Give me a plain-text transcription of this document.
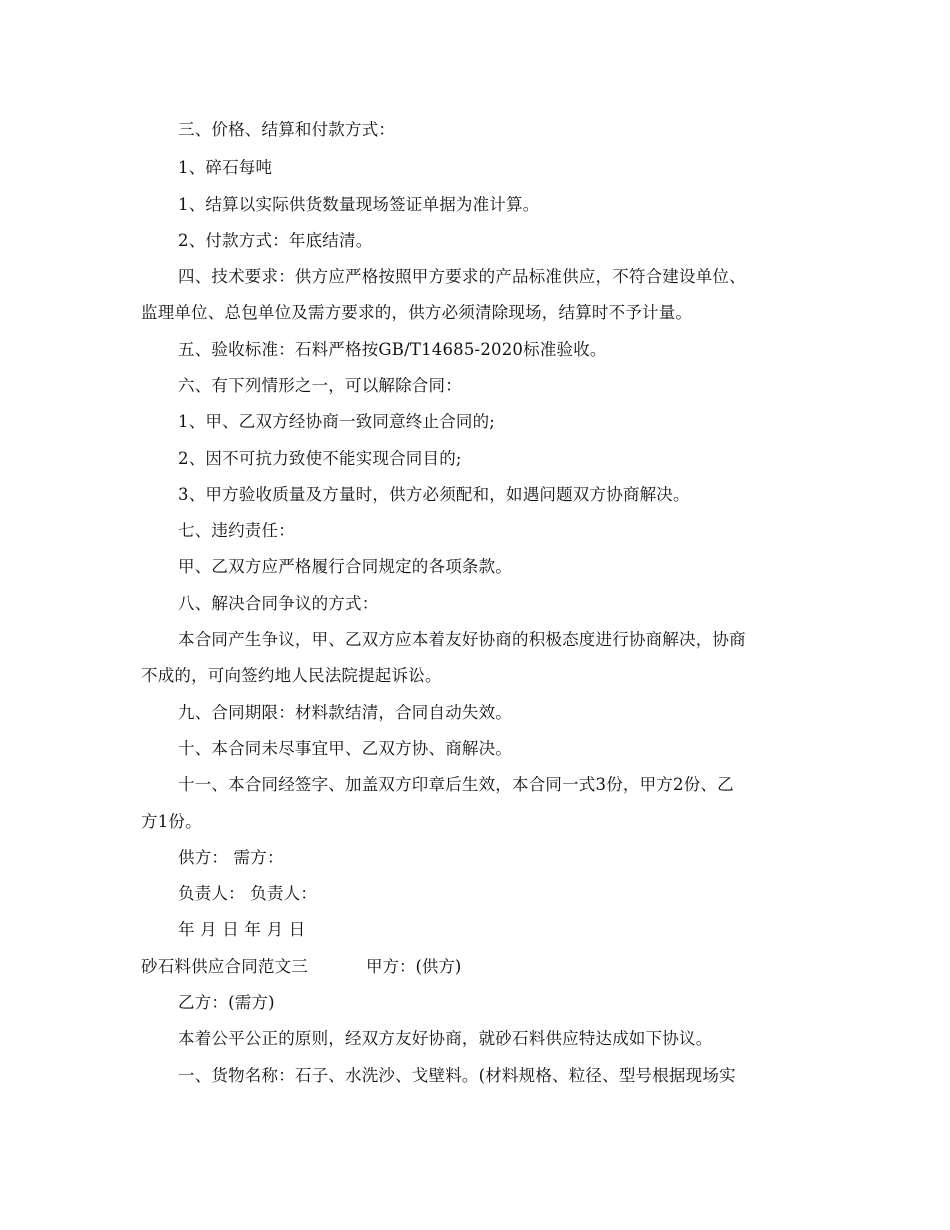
三、价格、结算和付款方式：
1、碎石每吨
1、结算以实际供货数量现场签证单据为准计算。
2、付款方式：年底结清。
四、技术要求：供方应严格按照甲方要求的产品标准供应，不符合建设单位、
监理单位、总包单位及需方要求的，供方必须清除现场，结算时不予计量。
五、验收标准：石料严格按GB/T14685-2020标准验收。
六、有下列情形之一，可以解除合同：
1、甲、乙双方经协商一致同意终止合同的;
2、因不可抗力致使不能实现合同目的;
3、甲方验收质量及方量时，供方必须配和，如遇问题双方协商解决。
七、违约责任：
甲、乙双方应严格履行合同规定的各项条款。
八、解决合同争议的方式：
本合同产生争议，甲、乙双方应本着友好协商的积极态度进行协商解决，协商
不成的，可向签约地人民法院提起诉讼。
九、合同期限：材料款结清，合同自动失效。
十、本合同未尽事宜甲、乙双方协、商解决。
十一、本合同经签字、加盖双方印章后生效，本合同一式3份，甲方2份、乙
方1份。
供方： 需方：
负责人： 负责人：
年 月 日 年 月 日
砂石料供应合同范文三	甲方：(供方)
乙方：(需方)
本着公平公正的原则，经双方友好协商，就砂石料供应特达成如下协议。
一、货物名称：石子、水洗沙、戈壁料。(材料规格、粒径、型号根据现场实
